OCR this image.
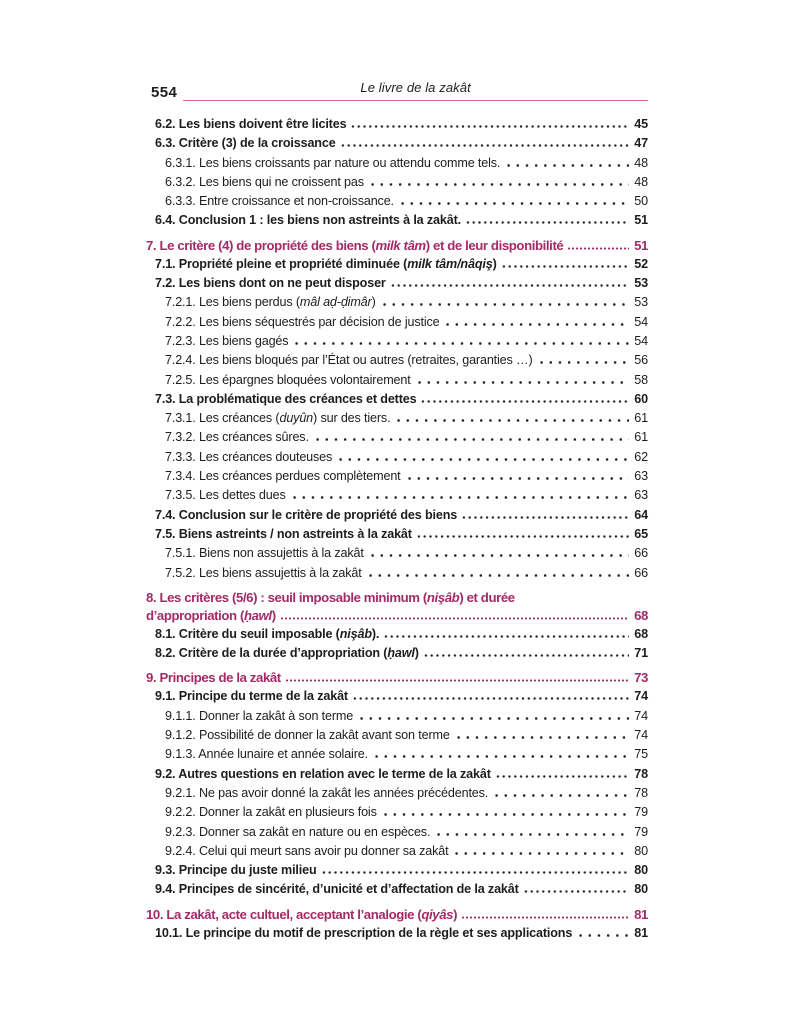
554	Le livre de la zakât
6.2. Les biens doivent être licites	45
6.3. Critère (3) de la croissance	47
6.3.1. Les biens croissants par nature ou attendu comme tels.	48
6.3.2. Les biens qui ne croissent pas	48
6.3.3. Entre croissance et non-croissance.	50
6.4. Conclusion 1 : les biens non astreints à la zakât.	51
7. Le critère (4) de propriété des biens (milk tâm) et de leur disponibilité	51
7.1. Propriété pleine et propriété diminuée (milk tâm/nâqiş)	52
7.2. Les biens dont on ne peut disposer	53
7.2.1. Les biens perdus (mâl aḍ-ḍimâr)	53
7.2.2. Les biens séquestrés par décision de justice	54
7.2.3. Les biens gagés	54
7.2.4. Les biens bloqués par l’État ou autres (retraites, garanties …)	56
7.2.5. Les épargnes bloquées volontairement	58
7.3. La problématique des créances et dettes	60
7.3.1. Les créances (duyûn) sur des tiers.	61
7.3.2. Les créances sûres.	61
7.3.3. Les créances douteuses	62
7.3.4. Les créances perdues complètement	63
7.3.5. Les dettes dues	63
7.4. Conclusion sur le critère de propriété des biens	64
7.5. Biens astreints / non astreints à la zakât	65
7.5.1. Biens non assujettis à la zakât	66
7.5.2. Les biens assujettis à la zakât	66
8. Les critères (5/6) : seuil imposable minimum (nişâb) et durée
d’appropriation (ḥawl)	68
8.1. Critère du seuil imposable (nişâb).	68
8.2. Critère de la durée d’appropriation (ḥawl)	71
9. Principes de la zakât	73
9.1. Principe du terme de la zakât	74
9.1.1. Donner la zakât à son terme	74
9.1.2. Possibilité de donner la zakât avant son terme	74
9.1.3. Année lunaire et année solaire.	75
9.2. Autres questions en relation avec le terme de la zakât	78
9.2.1. Ne pas avoir donné la zakât les années précédentes.	78
9.2.2. Donner la zakât en plusieurs fois	79
9.2.3. Donner sa zakât en nature ou en espèces.	79
9.2.4. Celui qui meurt sans avoir pu donner sa zakât	80
9.3. Principe du juste milieu	80
9.4. Principes de sincérité, d’unicité et d’affectation de la zakât	80
10. La zakât, acte cultuel, acceptant l’analogie (qiyâs)	81
10.1. Le principe du motif de prescription de la règle et ses applications	81
